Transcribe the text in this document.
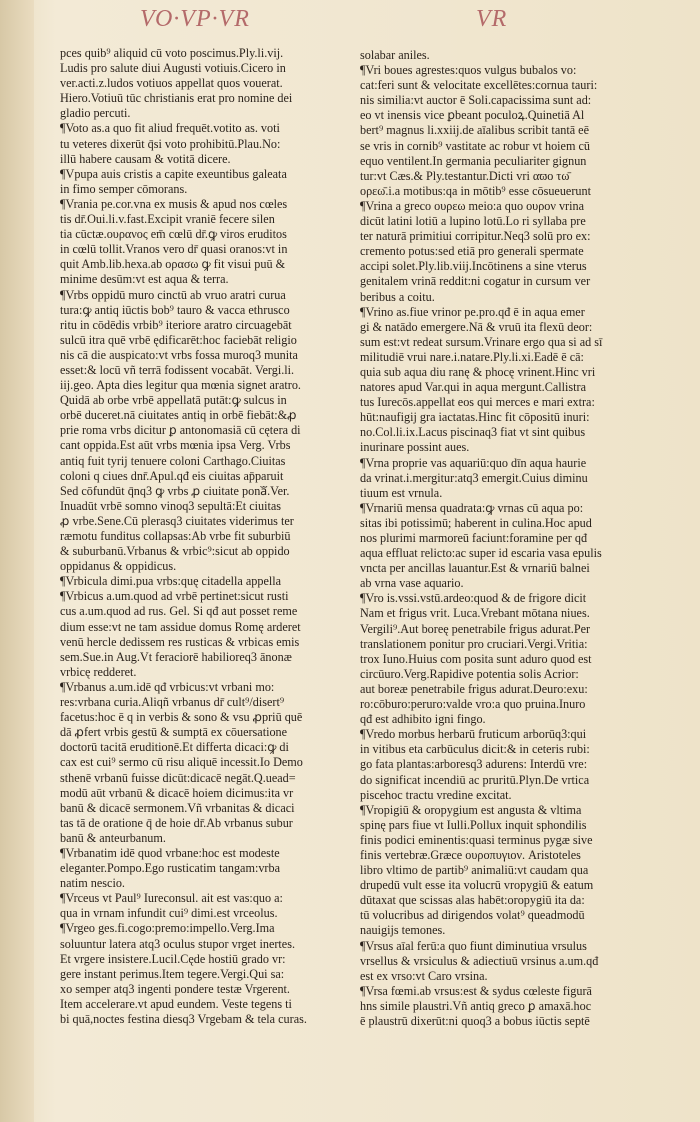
VO·VP·VR	VR
pces quib⁹ aliquid cū voto poscimus.Ply.li.vij.
Ludis pro salute diui Augusti votiuis.Cicero in
ver.acti.z.ludos votiuos appellat quos vouerat.
Hiero.Votiuū tūc christianis erat pro nomine dei
gladio percuti.
¶Voto as.a quo fit aliud frequēt.votito as. voti
tu veteres dixerūt q̄si voto prohibitū.Plau.No:
illū habere causam & votitā dicere.
¶Vpupa auis cristis a capite exeuntibus galeata
in fimo semper cōmorans.
¶Vrania pe.cor.vna ex musis & apud nos cœles
tis dr̄.Oui.li.v.fast.Excipit vraniē fecere silen
tia cūctæ.ουρανος em̄ cœlū dr̄.ꝙ viros eruditos
in cœlū tollit.Vranos vero dr̄ quasi oranos:vt in
quit Amb.lib.hexa.ab ορασω ꝙ fit visui puū &
minime desūm:vt est aqua & terra.
¶Vrbs oppidū muro cinctū ab vruo aratri curua
tura:ꝙ antiq iūctis bob⁹ tauro & vacca ethrusco
ritu in cōdēdis vrbib⁹ iteriore aratro circuagebāt
sulcū itra quē vrbē ędificarēt:hoc faciebāt religio
nis cā die auspicato:vt vrbs fossa muroq3 munita
esset:& locū vñ terrā fodissent vocabāt. Vergi.li.
iij.geo. Apta dies legitur qua mœnia signet aratro.
Quidā ab orbe vrbē appellatā putāt:ꝙ sulcus in
orbē duceret.nā ciuitates antiq in orbē fiebāt:&ꝓ
prie roma vrbs dicitur ꝑ antonomasiā cū cętera di
cant oppida.Est aūt vrbs mœnia ipsa Verg. Vrbs
antiq fuit tyrij tenuere coloni Carthago.Ciuitas
coloni q ciues dnr̄.Apul.qđ eis ciuitas ap̄paruit
Sed cōfundūt q̄nq3 ꝙ vrbs ꝓ ciuitate ponaᷓ.Ver.
Inuadūt vrbē somno vinoq3 sepultā:Et ciuitas
ꝓ vrbe.Sene.Cū plerasq3 ciuitates viderimus ter
ræmotu funditus collapsas:Ab vrbe fit suburbiū
& suburbanū.Vrbanus & vrbic⁹:sicut ab oppido
oppidanus & oppidicus.
¶Vrbicula dimi.pua vrbs:quę citadella appellaᷓ
¶Vrbicus a.um.quod ad vrbē pertinet:sicut rusti
cus a.um.quod ad rus. Gel. Si qđ aut posset reme
dium esse:vt ne tam assidue domus Romę arderet
venū hercle dedissem res rusticas & vrbicas emis
sem.Sue.in Aug.Vt feraciorē habilioreq3 ānonæ
vrbicę redderet.
¶Vrbanus a.um.idē qđ vrbicus:vt vrbani mo:
res:vrbana curia.Aliqñ vrbanus dr̄ cult⁹/disert⁹
facetus:hoc ē q in verbis & sono & vsu ꝓpriū quē
dā ꝓfert vrbis gestū & sumptā ex cōuersatione
doctorū tacitā eruditionē.Et differta dicaci:ꝙ di
cax est cui⁹ sermo cū risu aliquē incessit.Io Demo
sthenē vrbanū fuisse dicūt:dicacē negāt.Q.uead=
modū aūt vrbanū & dicacē hoiem dicimus:ita vr
banū & dicacē sermonem.Vñ vrbanitas & dicaci
tas tā de oratione q̄ de hoie dr̄.Ab vrbanus subur
banū & anteurbanum.
¶Vrbanatim idē quod vrbane:hoc est modeste
eleganter.Pompo.Ego rusticatim tangam:vrba
natim nescio.
¶Vrceus vt Paul⁹ Iureconsul. ait est vas:quo a:
qua in vrnam infundit cui⁹ dimi.est vrceolus.
¶Vrgeo ges.fi.cogo:premo:impello.Verg.Ima
soluuntur latera atq3 oculus stupor vrget inertes.
Et vrgere insistere.Lucil.Cęde hostiū grado vr:
gere instant perimus.Item tegere.Vergi.Qui sa:
xo semper atq3 ingenti pondere testæ Vrgerent.
Item accelerare.vt apud eundem. Veste tegens ti
bi quā,noctes festina diesq3 Vrgebam & tela curas.
solabar aniles.
¶Vri boues agrestes:quos vulgus bubalos vo:
cat:feri sunt & velocitate excellētes:cornua tauri:
nis similia:vt auctor ē Soli.capacissima sunt ad:
eo vt inensis vice ꝑbeant poculoꝝ.Quinetiā Al
bert⁹ magnus li.xxiij.de aīalibus scribit tantā eē
se vris in cornib⁹ vastitate ac robur vt hoiem cū
equo ventilent.In germania peculiariter gignun
tur:vt Cæs.& Ply.testantur.Dicti vri αϖο τω̄
ορεω̄.i.a motibus:qa in mōtib⁹ esse cōsueuerunt
¶Vrina a greco ουρεω meio:a quo ουρον vrina
dicūt latini lotiū a lupino lotū.Lo ri syllaba pre
ter naturā primitiui corripitur.Neq3 solū pro ex:
cremento potus:sed etiā pro generali spermate
accipi solet.Ply.lib.viij.Incōtinens a sine vterus
genitalem vrinā reddit:ni cogatur in cursum ver
beribus a coitu.
¶Vrino as.fiue vrinor pe.pro.qđ ē in aqua emer
gi & natādo emergere.Nā & vruū ita flexū deor:
sum est:vt redeat sursum.Vrinare ergo qua si ad sī
militudiē vrui nare.i.natare.Ply.li.xi.Eadē ē cā:
quia sub aqua diu ranę & phocę vrinent.Hinc vri
natores apud Var.qui in aqua mergunt.Callistra
tus Iurecōs.appellat eos qui merces e mari extra:
hūt:naufigij gra iactatas.Hinc fit cōpositū inuri:
no.Col.li.ix.Lacus piscinaq3 fiat vt sint quibus
inurinare possint aues.
¶Vrna proprie vas aquariū:quo dīn aqua haurie
da vrinat.i.mergitur:atq3 emergit.Cuius diminu
tiuum est vrnula.
¶Vrnariū mensa quadrata:ꝙ vrnas cū aqua po:
sitas ibi potissimū; haberent in culina.Hoc apud
nos plurimi marmoreū faciunt:foramine per qđ
aqua effluat relicto:ac super id escaria vasa epulis
vncta per ancillas lauantur.Est & vrnariū balnei
ab vrna vase aquario.
¶Vro is.vssi.vstū.ardeo:quod & de frigore dicit
Nam et frigus vrit. Luca.Vrebant mōtana niues.
Vergili⁹.Aut boreę penetrabile frigus adurat.Per
translationem ponitur pro cruciari.Vergi.Vritia:
trox Iuno.Huius com posita sunt aduro quod est
circūuro.Verg.Rapidive potentia solis Acrior:
aut boreæ penetrabile frigus adurat.Deuro:exu:
ro:cōburo:peruro:valde vro:a quo pruina.Inuro
qđ est adhibito igni fingo.
¶Vredo morbus herbarū fruticum arborūq3:qui
in vitibus eta carbūculus dicit:& in ceteris rubi:
go fata plantas:arboresq3 adurens: Interdū vre:
do significat incendiū ac pruritū.Plyn.De vrtica
piscehoc tractu vredine excitat.
¶Vropigiū & oropygium est angusta & vltima
spinę pars fiue vt Iulli.Pollux inquit sphondilis
finis podici eminentis:quasi terminus pygæ sive
finis vertebræ.Græce ουροπυγιον. Aristoteles
libro vltimo de partib⁹ animaliū:vt caudam qua
drupedū vult esse ita volucrū vropygiū & eatum
dūtaxat que scissas alas habēt:oropygiū ita da:
tū volucribus ad dirigendos volat⁹ queadmodū
nauigijs temones.
¶Vrsus aīal ferū:a quo fiunt diminutiua vrsulus
vrsellus & vrsiculus & adiectiuū vrsinus a.um.qđ
est ex vrso:vt Caro vrsina.
¶Vrsa fœmi.ab vrsus:est & sydus cœleste figurā
hns simile plaustri.Vñ antiq greco ꝑ amaxā.hoc
ē plaustrū dixerūt:ni quoq3 a bobus iūctis septē
